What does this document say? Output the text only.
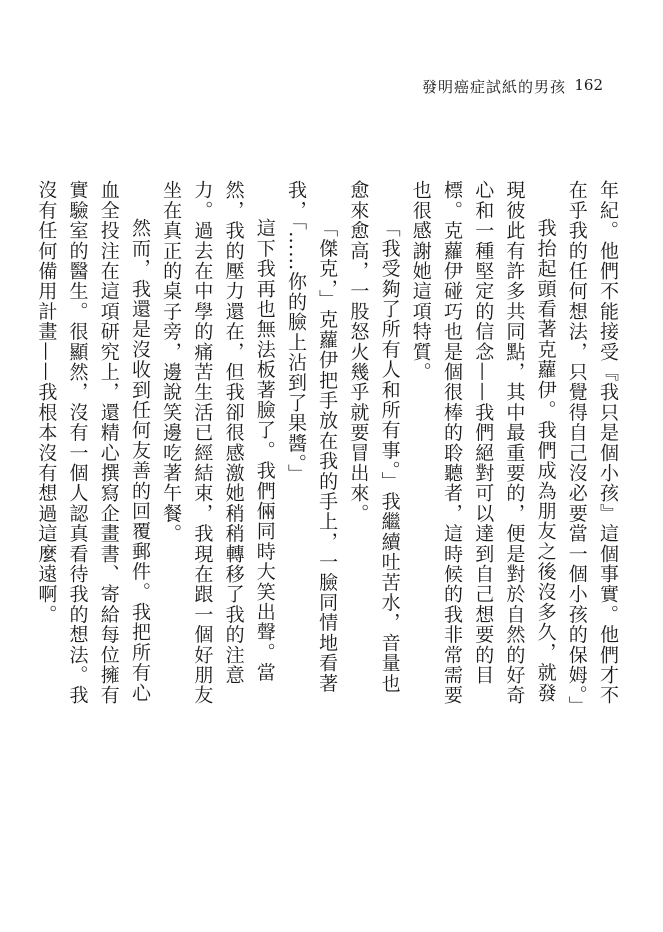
發明癌症試紙的男孩 162

年紀。他們不能接受『我只是個小孩』這個事實。他們才不在乎我的任何想法，只覺得自己沒必要當一個小孩的保姆。」

我抬起頭看著克蘿伊。我們成為朋友之後沒多久，就發現彼此有許多共同點，其中最重要的，便是對於自然的好奇心和一種堅定的信念——我們絕對可以達到自己想要的目標。克蘿伊碰巧也是個很棒的聆聽者，這時候的我非常需要也很感謝她這項特質。

「我受夠了所有人和所有事。」我繼續吐苦水，音量也愈來愈高，一股怒火幾乎就要冒出來。

「傑克，」克蘿伊把手放在我的手上，一臉同情地看著我，「……你的臉上沾到了果醬。」

這下我再也無法板著臉了。我們倆同時大笑出聲。當然，我的壓力還在，但我卻很感激她稍稍轉移了我的注意力。過去在中學的痛苦生活已經結束，我現在跟一個好朋友坐在真正的桌子旁，邊說笑邊吃著午餐。

然而，我還是沒收到任何友善的回覆郵件。我把所有心血全投注在這項研究上，還精心撰寫企畫書、寄給每位擁有實驗室的醫生。很顯然，沒有一個人認真看待我的想法。我沒有任何備用計畫——我根本沒有想過這麼遠啊。
